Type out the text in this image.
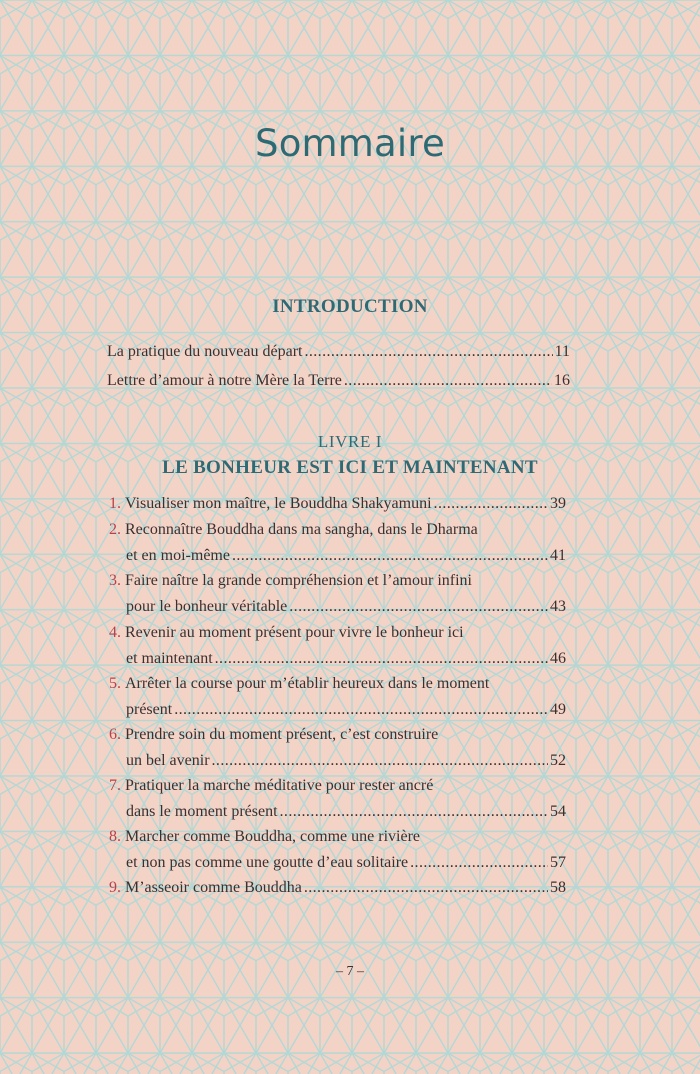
Sommaire
INTRODUCTION
La pratique du nouveau départ .....	11
Lettre d’amour à notre Mère la Terre .....	16
LIVRE I
LE BONHEUR EST ICI ET MAINTENANT
1.
Visualiser mon maître, le Bouddha Shakyamuni .....	39
2.
Reconnaître Bouddha dans ma sangha, dans le Dharma
et en moi-même .....	41
3.
Faire naître la grande compréhension et l’amour infini
pour le bonheur véritable .....	43
4.
Revenir au moment présent pour vivre le bonheur ici
et maintenant .....	46
5.
Arrêter la course pour m’établir heureux dans le moment
présent .....	49
6.
Prendre soin du moment présent, c’est construire
un bel avenir .....	52
7.
Pratiquer la marche méditative pour rester ancré
dans le moment présent .....	54
8.
Marcher comme Bouddha, comme une rivière
et non pas comme une goutte d’eau solitaire .....	57
9.
M’asseoir comme Bouddha .....	58
– 7 –
